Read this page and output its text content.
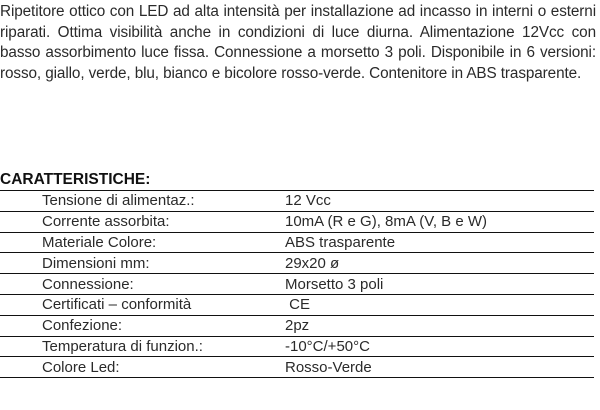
Ripetitore ottico con LED ad alta intensità per installazione ad incasso in interni o esterni riparati. Ottima visibilità anche in condizioni di luce diurna. Alimentazione 12Vcc con basso assorbimento luce fissa. Connessione a morsetto 3 poli. Disponibile in 6 versioni: rosso, giallo, verde, blu, bianco e bicolore rosso-verde. Contenitore in ABS trasparente.

CARATTERISTICHE:
Tensione di alimentaz.:	12 Vcc
Corrente assorbita:	10mA (R e G), 8mA (V, B e W)
Materiale Colore:	ABS trasparente
Dimensioni mm:	29x20 ø
Connessione:	Morsetto 3 poli
Certificati – conformità	CE
Confezione:	2pz
Temperatura di funzion.:	-10°C/+50°C
Colore Led:	Rosso-Verde
